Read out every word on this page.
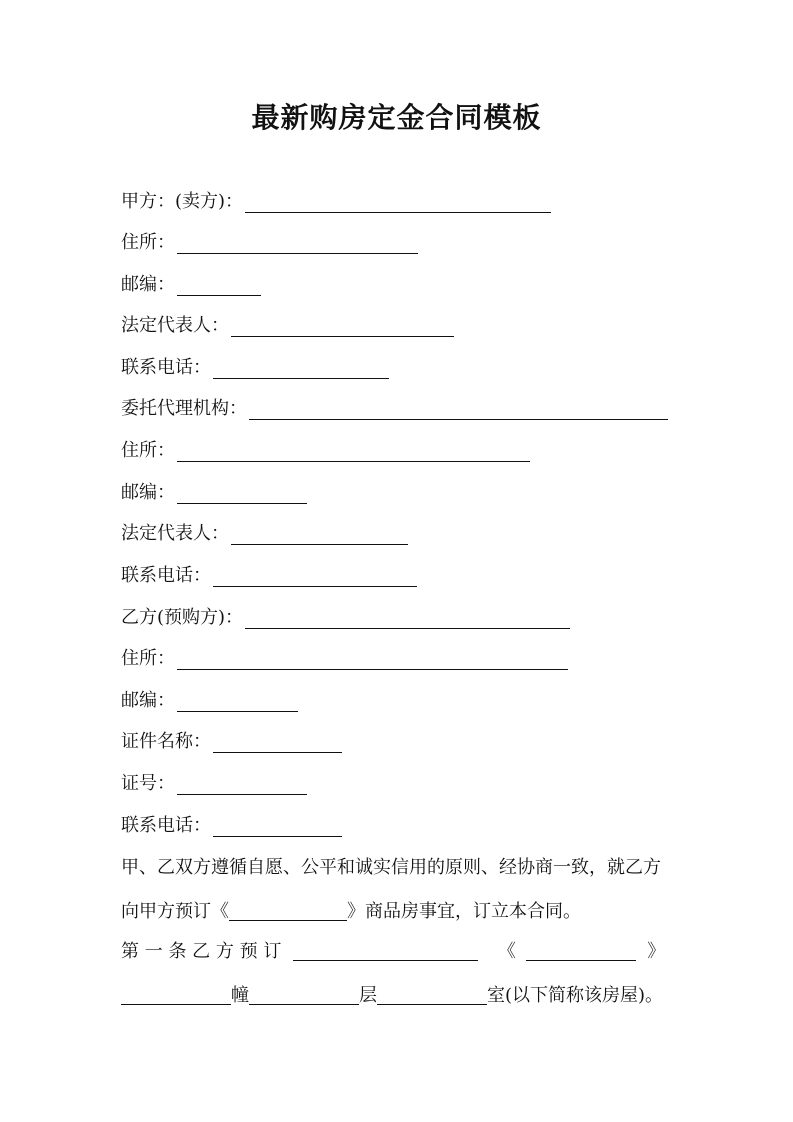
最新购房定金合同模板
甲方：(卖方)：
住所：
邮编：
法定代表人：
联系电话：
委托代理机构：
住所：
邮编：
法定代表人：
联系电话：
乙方(预购方)：
住所：
邮编：
证件名称：
证号：
联系电话：
甲、乙双方遵循自愿、公平和诚实信用的原则、经协商一致，就乙方
向甲方预订《	》商品房事宜，订立本合同。
第 一 条 乙 方 预 订	《	》
幢	层	室(以下简称该房屋)。
